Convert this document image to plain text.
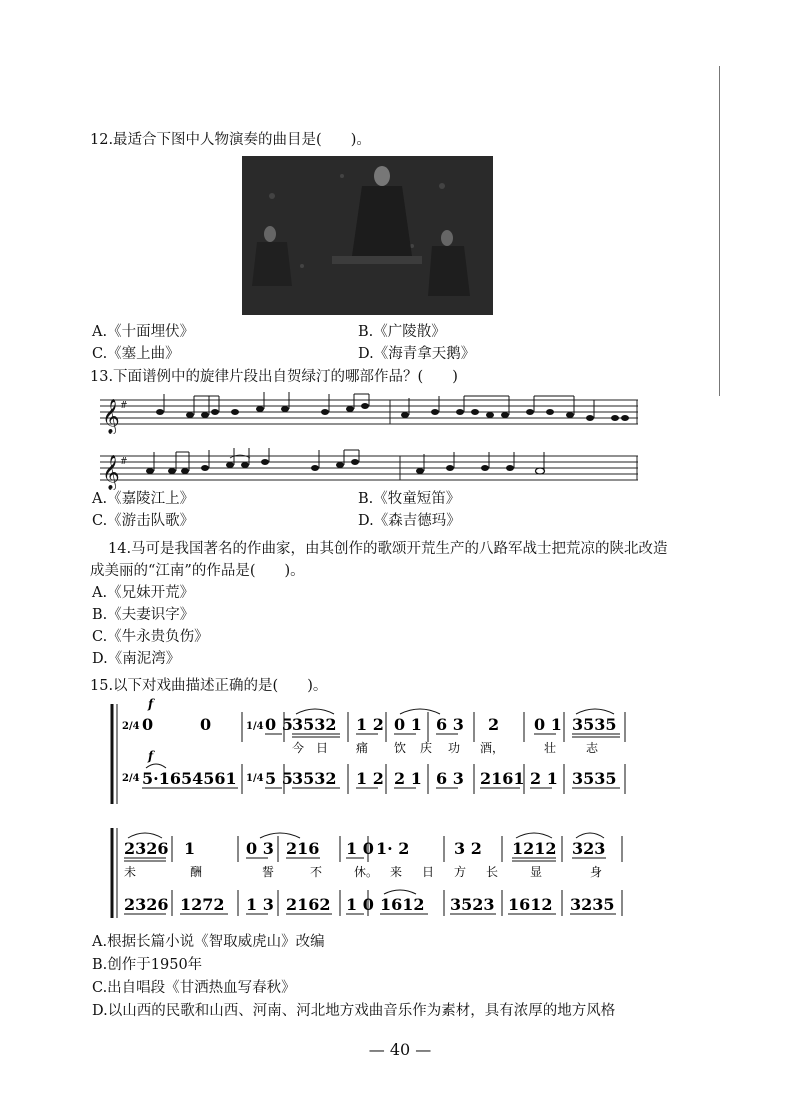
12.最适合下图中人物演奏的曲目是(　　)。
A.《十面埋伏》	B.《广陵散》
C.《塞上曲》	D.《海青拿天鹅》
13.下面谱例中的旋律片段出自贺绿汀的哪部作品？(　　)
𝄞 #
𝄞 #
A.《嘉陵江上》	B.《牧童短笛》
C.《游击队歌》	D.《森吉德玛》
14.马可是我国著名的作曲家，由其创作的歌颂开荒生产的八路军战士把荒凉的陕北改造
成美丽的“江南”的作品是(　　)。
A.《兄妹开荒》
B.《夫妻识字》
C.《牛永贵负伤》
D.《南泥湾》
15.以下对戏曲描述正确的是(　　)。
f
f
2/4
2/4
1/4
1/4
0	0	0 5 3532 1 2 0 1 6 3 2 0 1 3535
今 日 痛 饮 庆 功 酒，	壮 志
5·1654561 5 5 3532 1 2 2 1 6 3 2161 2 1 3535
2326 1	0 3 216 1 0 1· 2	3 2 1212 323
未	酬	誓	不	休。 来 日 方 长	显	身
2326 1272 1 3 2162 1 0 1612 3523 1612 3235
A.根据长篇小说《智取威虎山》改编
B.创作于1950年
C.出自唱段《甘洒热血写春秋》
D.以山西的民歌和山西、河南、河北地方戏曲音乐作为素材，具有浓厚的地方风格
— 40 —
